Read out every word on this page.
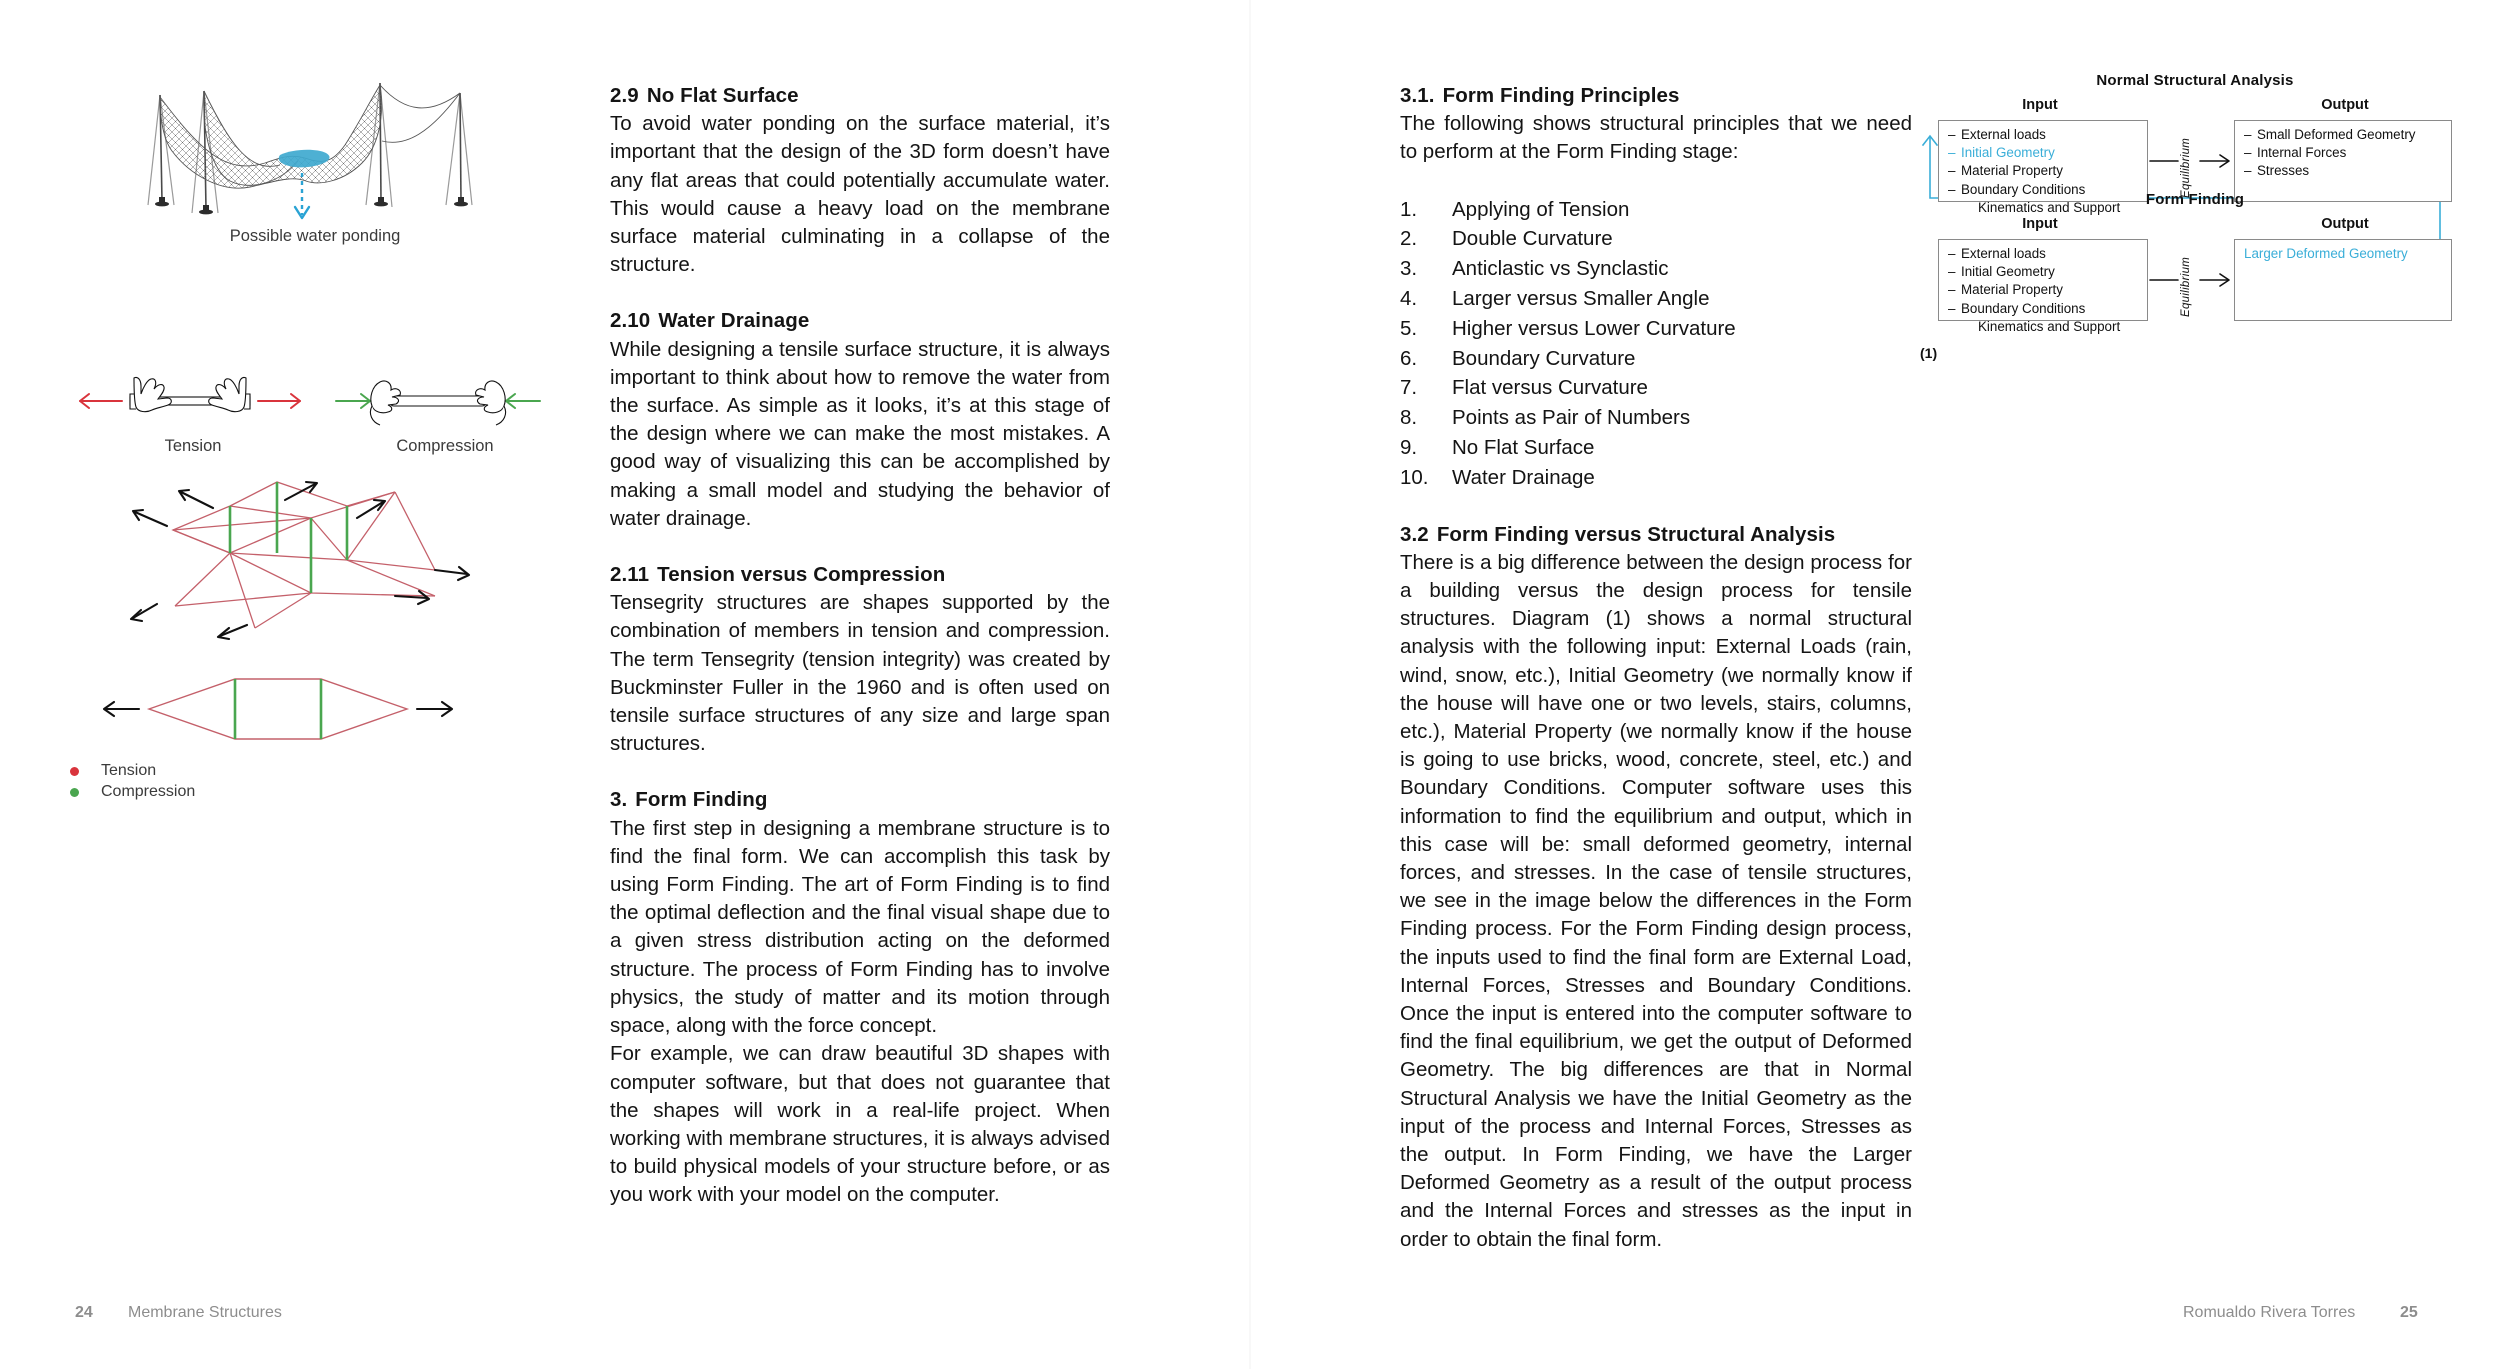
Possible water ponding
Tension	Compression
Tension
Compression
2.9 No Flat Surface

To avoid water ponding on the surface material, it’s important that the design of the 3D form doesn’t have any flat areas that could potentially accumulate water. This would cause a heavy load on the membrane surface material culminating in a collapse of the structure.

2.10 Water Drainage

While designing a tensile surface structure, it is always important to think about how to remove the water from the surface. As simple as it looks, it’s at this stage of the design where we can make the most mistakes. A good way of visualizing this can be accomplished by making a small model and studying the behavior of water drainage.

2.11 Tension versus Compression

Tensegrity structures are shapes supported by the combination of members in tension and compression. The term Tensegrity (tension integrity) was created by Buckminster Fuller in the 1960 and is often used on tensile surface structures of any size and large span structures.

3. Form Finding

The first step in designing a membrane structure is to find the final form. We can accomplish this task by using Form Finding. The art of Form Finding is to find the optimal deflection and the final visual shape due to a given stress distribution acting on the deformed structure. The process of Form Finding has to involve physics, the study of matter and its motion through space, along with the force concept.

For example, we can draw beautiful 3D shapes with computer software, but that does not guarantee that the shapes will work in a real-life project. When working with membrane structures, it is always advised to build physical models of your structure before, or as you work with your model on the computer.

3.1. Form Finding Principles

The following shows structural principles that we need to perform at the Form Finding stage:

1.	Applying of Tension
2.	Double Curvature
3.	Anticlastic vs Synclastic
4.	Larger versus Smaller Angle
5.	Higher versus Lower Curvature
6.	Boundary Curvature
7.	Flat versus Curvature
8.	Points as Pair of Numbers
9.	No Flat Surface
10.	Water Drainage
3.2 Form Finding versus Structural Analysis

There is a big difference between the design process for a building versus the design process for tensile structures. Diagram (1) shows a normal structural analysis with the following input: External Loads (rain, wind, snow, etc.), Initial Geometry (we normally know if the house will have one or two levels, stairs, columns, etc.), Material Property (we normally know if the house is going to use bricks, wood, concrete, steel, etc.) and Boundary Conditions. Computer software uses this information to find the equilibrium and output, which in this case will be: small deformed geometry, internal forces, and stresses. In the case of tensile structures, we see in the image below the differences in the Form Finding process. For the Form Finding design process, the inputs used to find the final form are External Load, Internal Forces, Stresses and Boundary Conditions. Once the input is entered into the computer software to find the final equilibrium, we get the output of Deformed Geometry. The big differences are that in Normal Structural Analysis we have the Initial Geometry as the input of the process and Internal Forces, Stresses as the output. In Form Finding, we have the Larger Deformed Geometry as a result of the output process and the Internal Forces and stresses as the input in order to obtain the final form.

Normal Structural Analysis
Input	Output
– External loads
– Initial Geometry
– Material Property
– Boundary Conditions
Kinematics and Support
Equilibrium
– Small Deformed Geometry
– Internal Forces
– Stresses
Form Finding
Input	Output
– External loads
– Initial Geometry
– Material Property
– Boundary Conditions
Kinematics and Support
Equilibrium
Larger Deformed Geometry
(1)
24 Membrane Structures	Romualdo Rivera Torres	25
